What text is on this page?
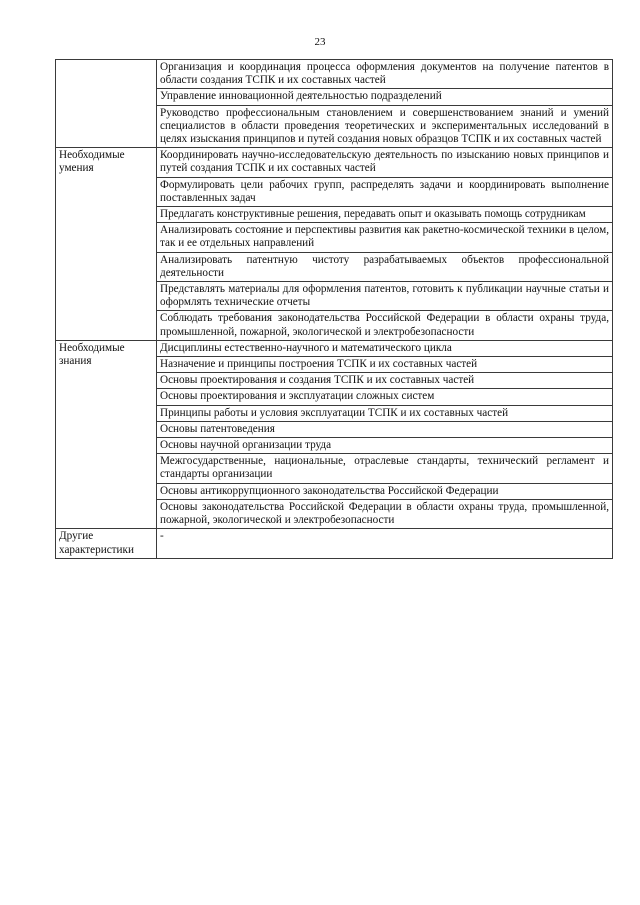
23
	Организация и координация процесса оформления документов на получение патентов в области создания ТСПК и их составных частей
	Управление инновационной деятельностью подразделений
	Руководство профессиональным становлением и совершенствованием знаний и умений специалистов в области проведения теоретических и экспериментальных исследований в целях изыскания принципов и путей создания новых образцов ТСПК и их составных частей
Необходимые умения	Координировать научно-исследовательскую деятельность по изысканию новых принципов и путей создания ТСПК и их составных частей
	Формулировать цели рабочих групп, распределять задачи и координировать выполнение поставленных задач
	Предлагать конструктивные решения, передавать опыт и оказывать помощь сотрудникам
	Анализировать состояние и перспективы развития как ракетно-космической техники в целом, так и ее отдельных направлений
	Анализировать патентную чистоту разрабатываемых объектов профессиональной деятельности
	Представлять материалы для оформления патентов, готовить к публикации научные статьи и оформлять технические отчеты
	Соблюдать требования законодательства Российской Федерации в области охраны труда, промышленной, пожарной, экологической и электробезопасности
Необходимые знания	Дисциплины естественно-научного и математического цикла
	Назначение и принципы построения ТСПК и их составных частей
	Основы проектирования и создания ТСПК и их составных частей
	Основы проектирования и эксплуатации сложных систем
	Принципы работы и условия эксплуатации ТСПК и их составных частей
	Основы патентоведения
	Основы научной организации труда
	Межгосударственные, национальные, отраслевые стандарты, технический регламент и стандарты организации
	Основы антикоррупционного законодательства Российской Федерации
	Основы законодательства Российской Федерации в области охраны труда, промышленной, пожарной, экологической и электробезопасности
Другие характеристики	-
